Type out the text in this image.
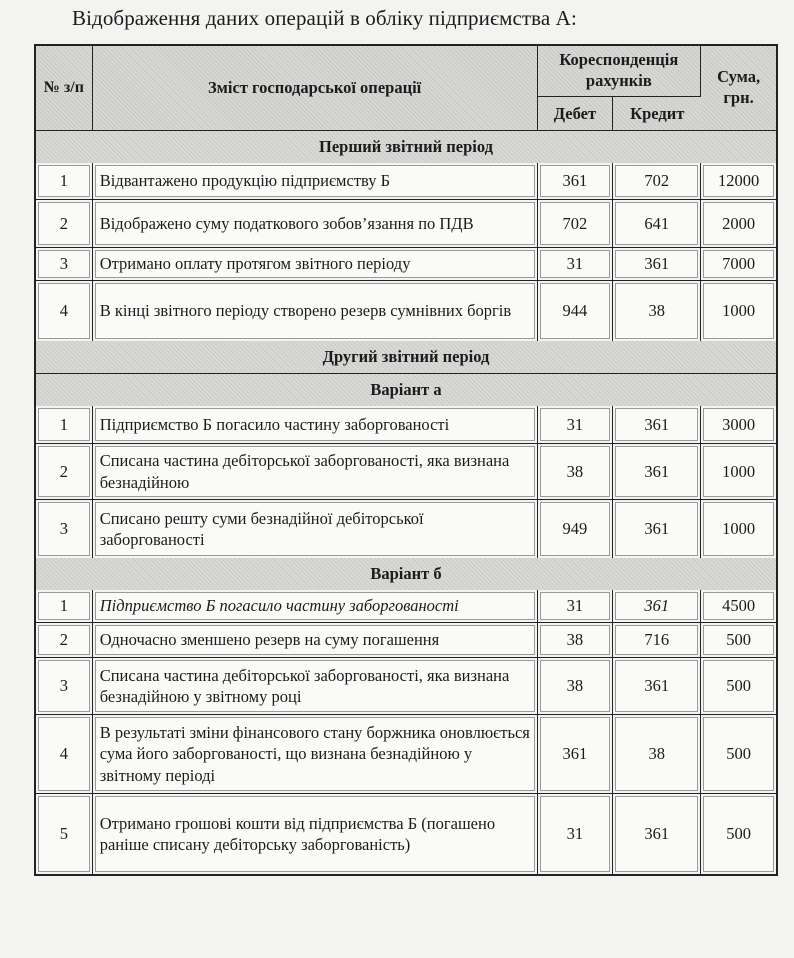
Відображення даних операцій в обліку підприємства А:
№ з/п	Зміст господарської операції	Кореспонденція рахунків		Сума, грн.
		Дебет	Кредит	
Перший звітний період				
1	Відвантажено продукцію підприємству Б	361	702	12000
2	Відображено суму податкового зобов’язання по ПДВ	702	641	2000
3	Отримано оплату протягом звітного періоду	31	361	7000
4	В кінці звітного періоду створено резерв сумнівних боргів	944	38	1000
Другий звітний період				
Варіант а				
1	Підприємство Б погасило частину заборгованості	31	361	3000
2	Списана частина дебіторської заборгованості, яка визнана безнадійною	38	361	1000
3	Списано решту суми безнадійної дебіторської заборгованості	949	361	1000
Варіант б				
1	Підприємство Б погасило частину заборгованості	31	361	4500
2	Одночасно зменшено резерв на суму погашення	38	716	500
3	Списана частина дебіторської заборгованості, яка визнана безнадійною у звітному році	38	361	500
4	В результаті зміни фінансового стану боржника оновлюється сума його заборгованості, що визнана безнадійною у звітному періоді	361	38	500
5	Отримано грошові кошти від підприємства Б (погашено раніше списану дебіторську заборгованість)	31	361	500
